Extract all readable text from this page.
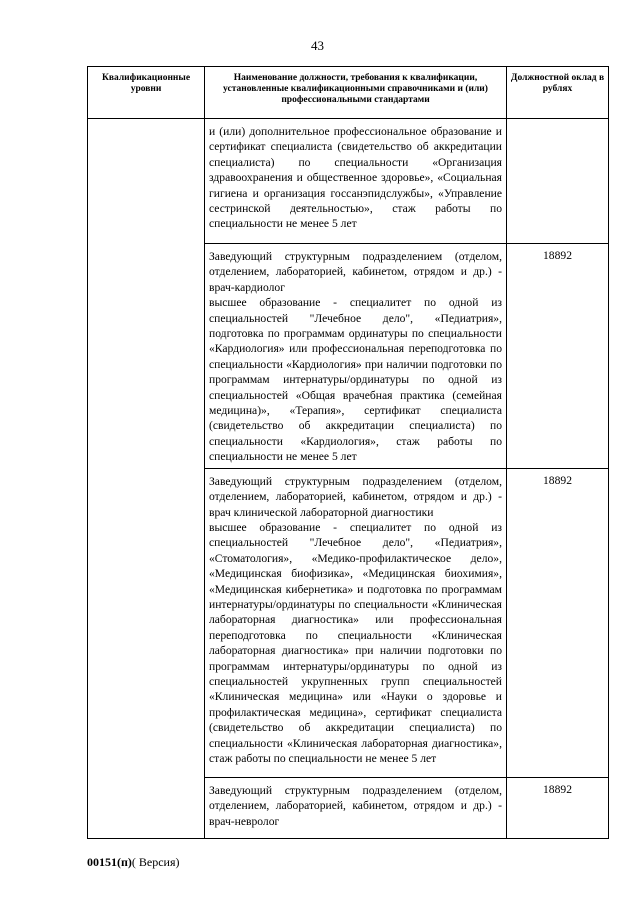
43
Квалификационные уровни	Наименование должности, требования к квалификации, установленные квалификационными справочниками и (или) профессиональными стандартами	Должностной оклад в рублях
	и (или) дополнительное профессиональное образование и сертификат специалиста (свидетельство об аккредитации специалиста) по специальности «Организация здравоохранения и общественное здоровье», «Социальная гигиена и организация госсанэпидслужбы», «Управление сестринской деятельностью», стаж работы по специальности не менее 5 лет	
	Заведующий структурным подразделением (отделом, отделением, лабораторией, кабинетом, отрядом и др.) - врач-кардиолог
высшее образование - специалитет по одной из специальностей "Лечебное дело", «Педиатрия», подготовка по программам ординатуры по специальности «Кардиология» или профессиональная переподготовка по специальности «Кардиология» при наличии подготовки по программам интернатуры/ординатуры по одной из специальностей «Общая врачебная практика (семейная медицина)», «Терапия», сертификат специалиста (свидетельство об аккредитации специалиста) по специальности «Кардиология», стаж работы по специальности не менее 5 лет	18892
	Заведующий структурным подразделением (отделом, отделением, лабораторией, кабинетом, отрядом и др.) - врач клинической лабораторной диагностики
высшее образование - специалитет по одной из специальностей "Лечебное дело", «Педиатрия», «Стоматология», «Медико-профилактическое дело», «Медицинская биофизика», «Медицинская биохимия», «Медицинская кибернетика» и подготовка по программам интернатуры/ординатуры по специальности «Клиническая лабораторная диагностика» или профессиональная переподготовка по специальности «Клиническая лабораторная диагностика» при наличии подготовки по программам интернатуры/ординатуры по одной из специальностей укрупненных групп специальностей «Клиническая медицина» или «Науки о здоровье и профилактическая медицина», сертификат специалиста (свидетельство об аккредитации специалиста) по специальности «Клиническая лабораторная диагностика», стаж работы по специальности не менее 5 лет	18892
	Заведующий структурным подразделением (отделом, отделением, лабораторией, кабинетом, отрядом и др.) - врач-невролог	18892
00151(п)( Версия)
